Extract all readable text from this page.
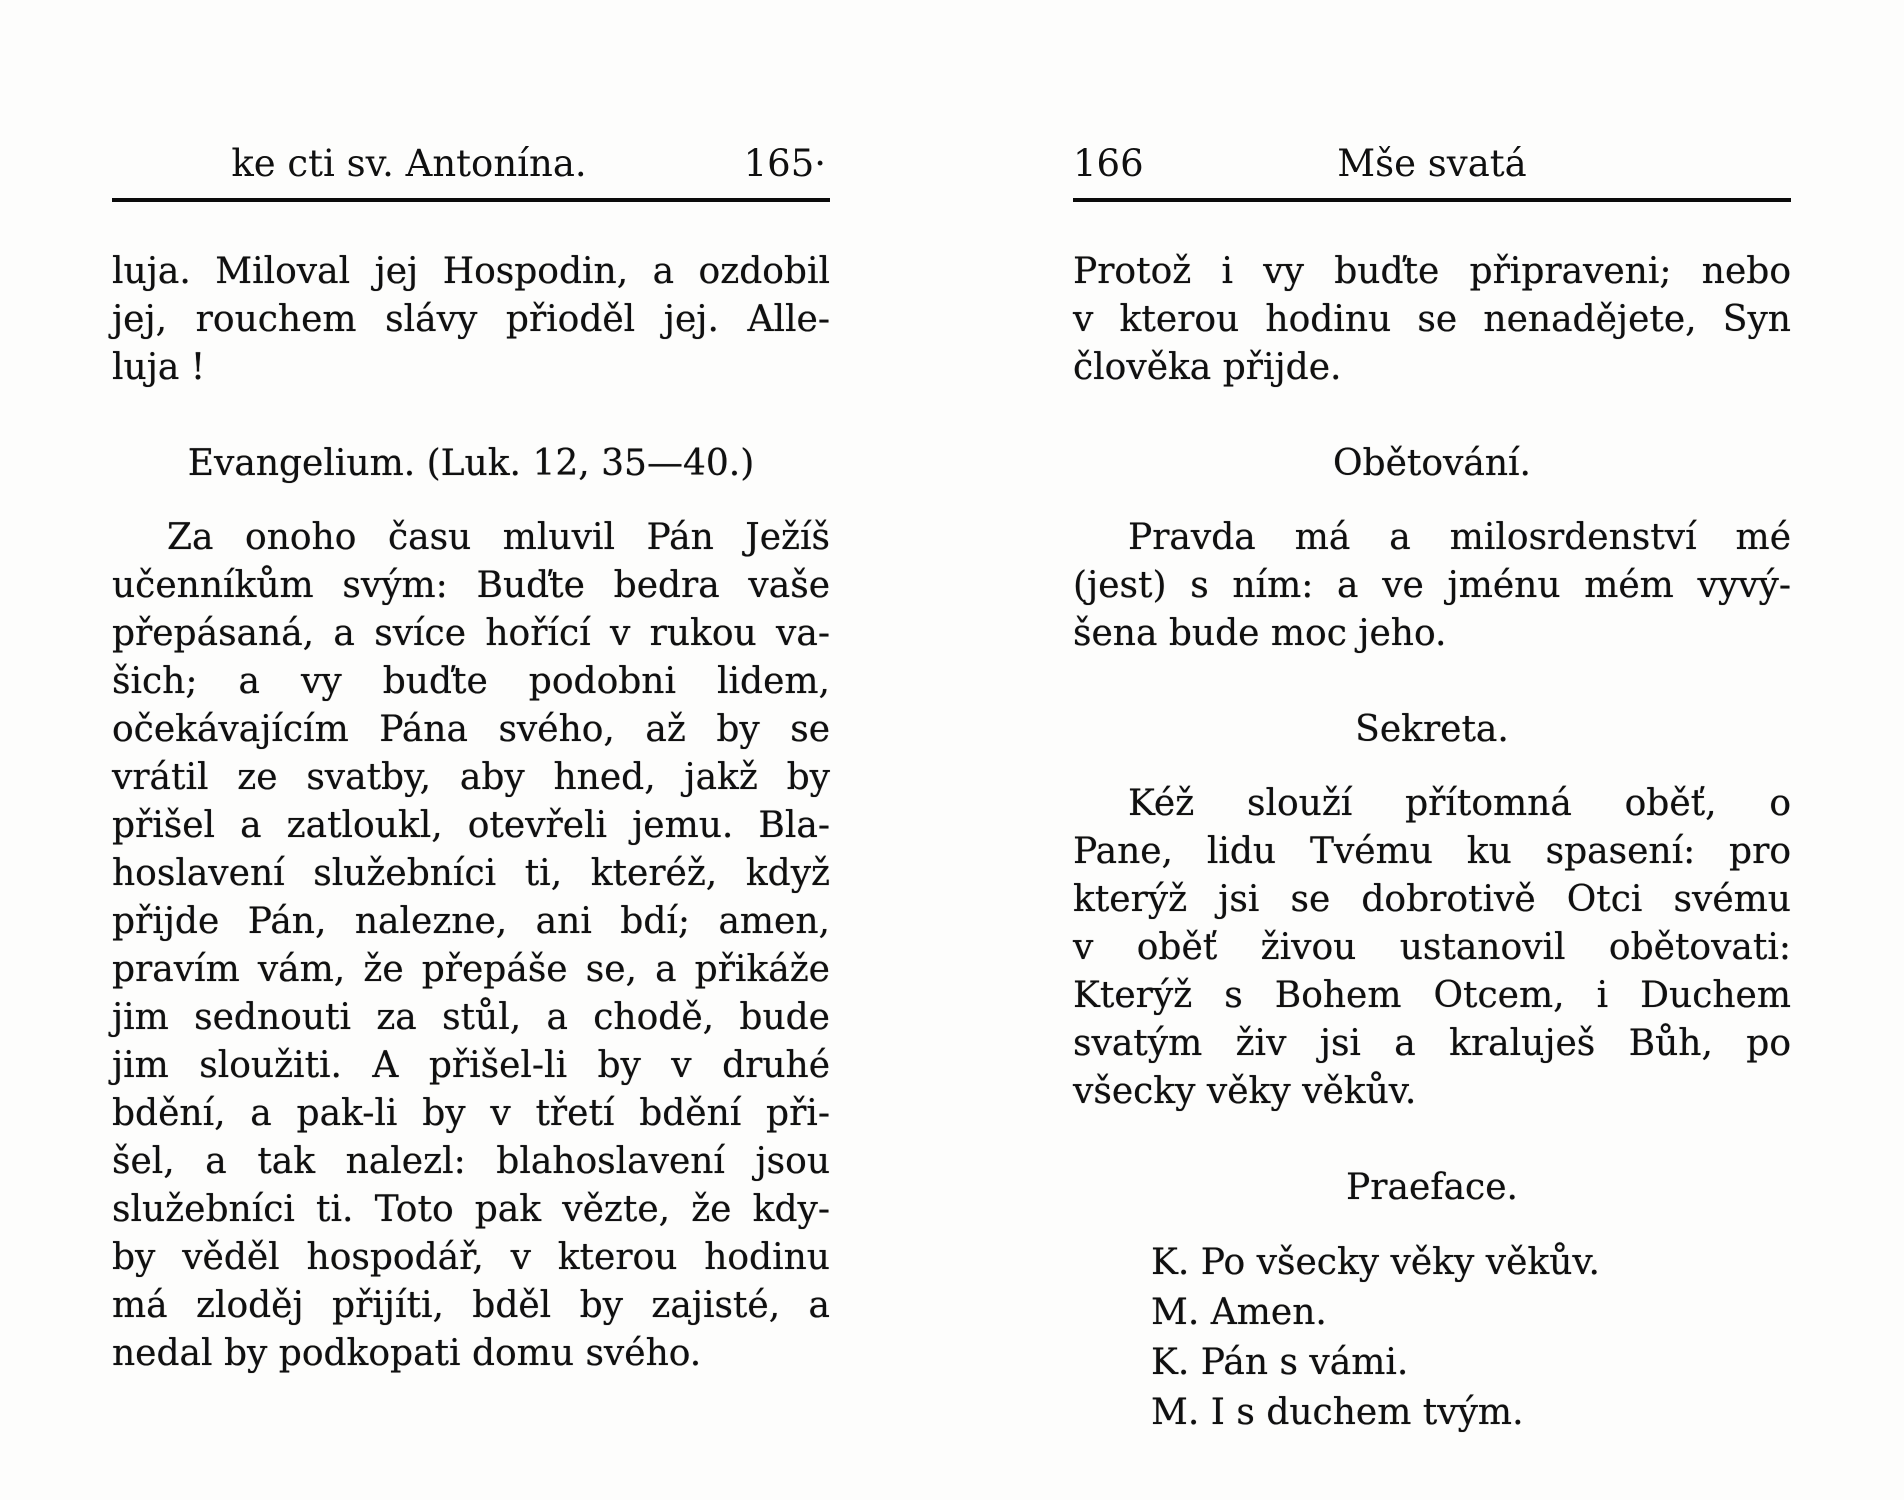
ke cti sv. Antonína.	165·
luja. Miloval jej Hospodin, a ozdobil
jej, rouchem slávy přioděl jej. Alle-
luja !
Evangelium. (Luk. 12, 35—40.)
Za onoho času mluvil Pán Ježíš
učenníkům svým: Buďte bedra vaše
přepásaná, a svíce hořící v rukou va-
šich; a vy buďte podobni lidem,
očekávajícím Pána svého, až by se
vrátil ze svatby, aby hned, jakž by
přišel a zatloukl, otevřeli jemu. Bla-
hoslavení služebníci ti, kteréž, když
přijde Pán, nalezne, ani bdí; amen,
pravím vám, že přepáše se, a přikáže
jim sednouti za stůl, a chodě, bude
jim sloužiti. A přišel-li by v druhé
bdění, a pak-li by v třetí bdění při-
šel, a tak nalezl: blahoslavení jsou
služebníci ti. Toto pak vězte, že kdy-
by věděl hospodář, v kterou hodinu
má zloděj přijíti, bděl by zajisté, a
nedal by podkopati domu svého.
166	Mše svatá
Protož i vy buďte připraveni; nebo
v kterou hodinu se nenadějete, Syn
člověka přijde.
Obětování.
Pravda má a milosrdenství mé
(jest) s ním: a ve jménu mém vyvý-
šena bude moc jeho.
Sekreta.
Kéž slouží přítomná oběť, o
Pane, lidu Tvému ku spasení: pro
kterýž jsi se dobrotivě Otci svému
v oběť živou ustanovil obětovati:
Kterýž s Bohem Otcem, i Duchem
svatým živ jsi a kraluješ Bůh, po
všecky věky věkův.
Praeface.
K. Po všecky věky věkův.
M. Amen.
K. Pán s vámi.
M. I s duchem tvým.
